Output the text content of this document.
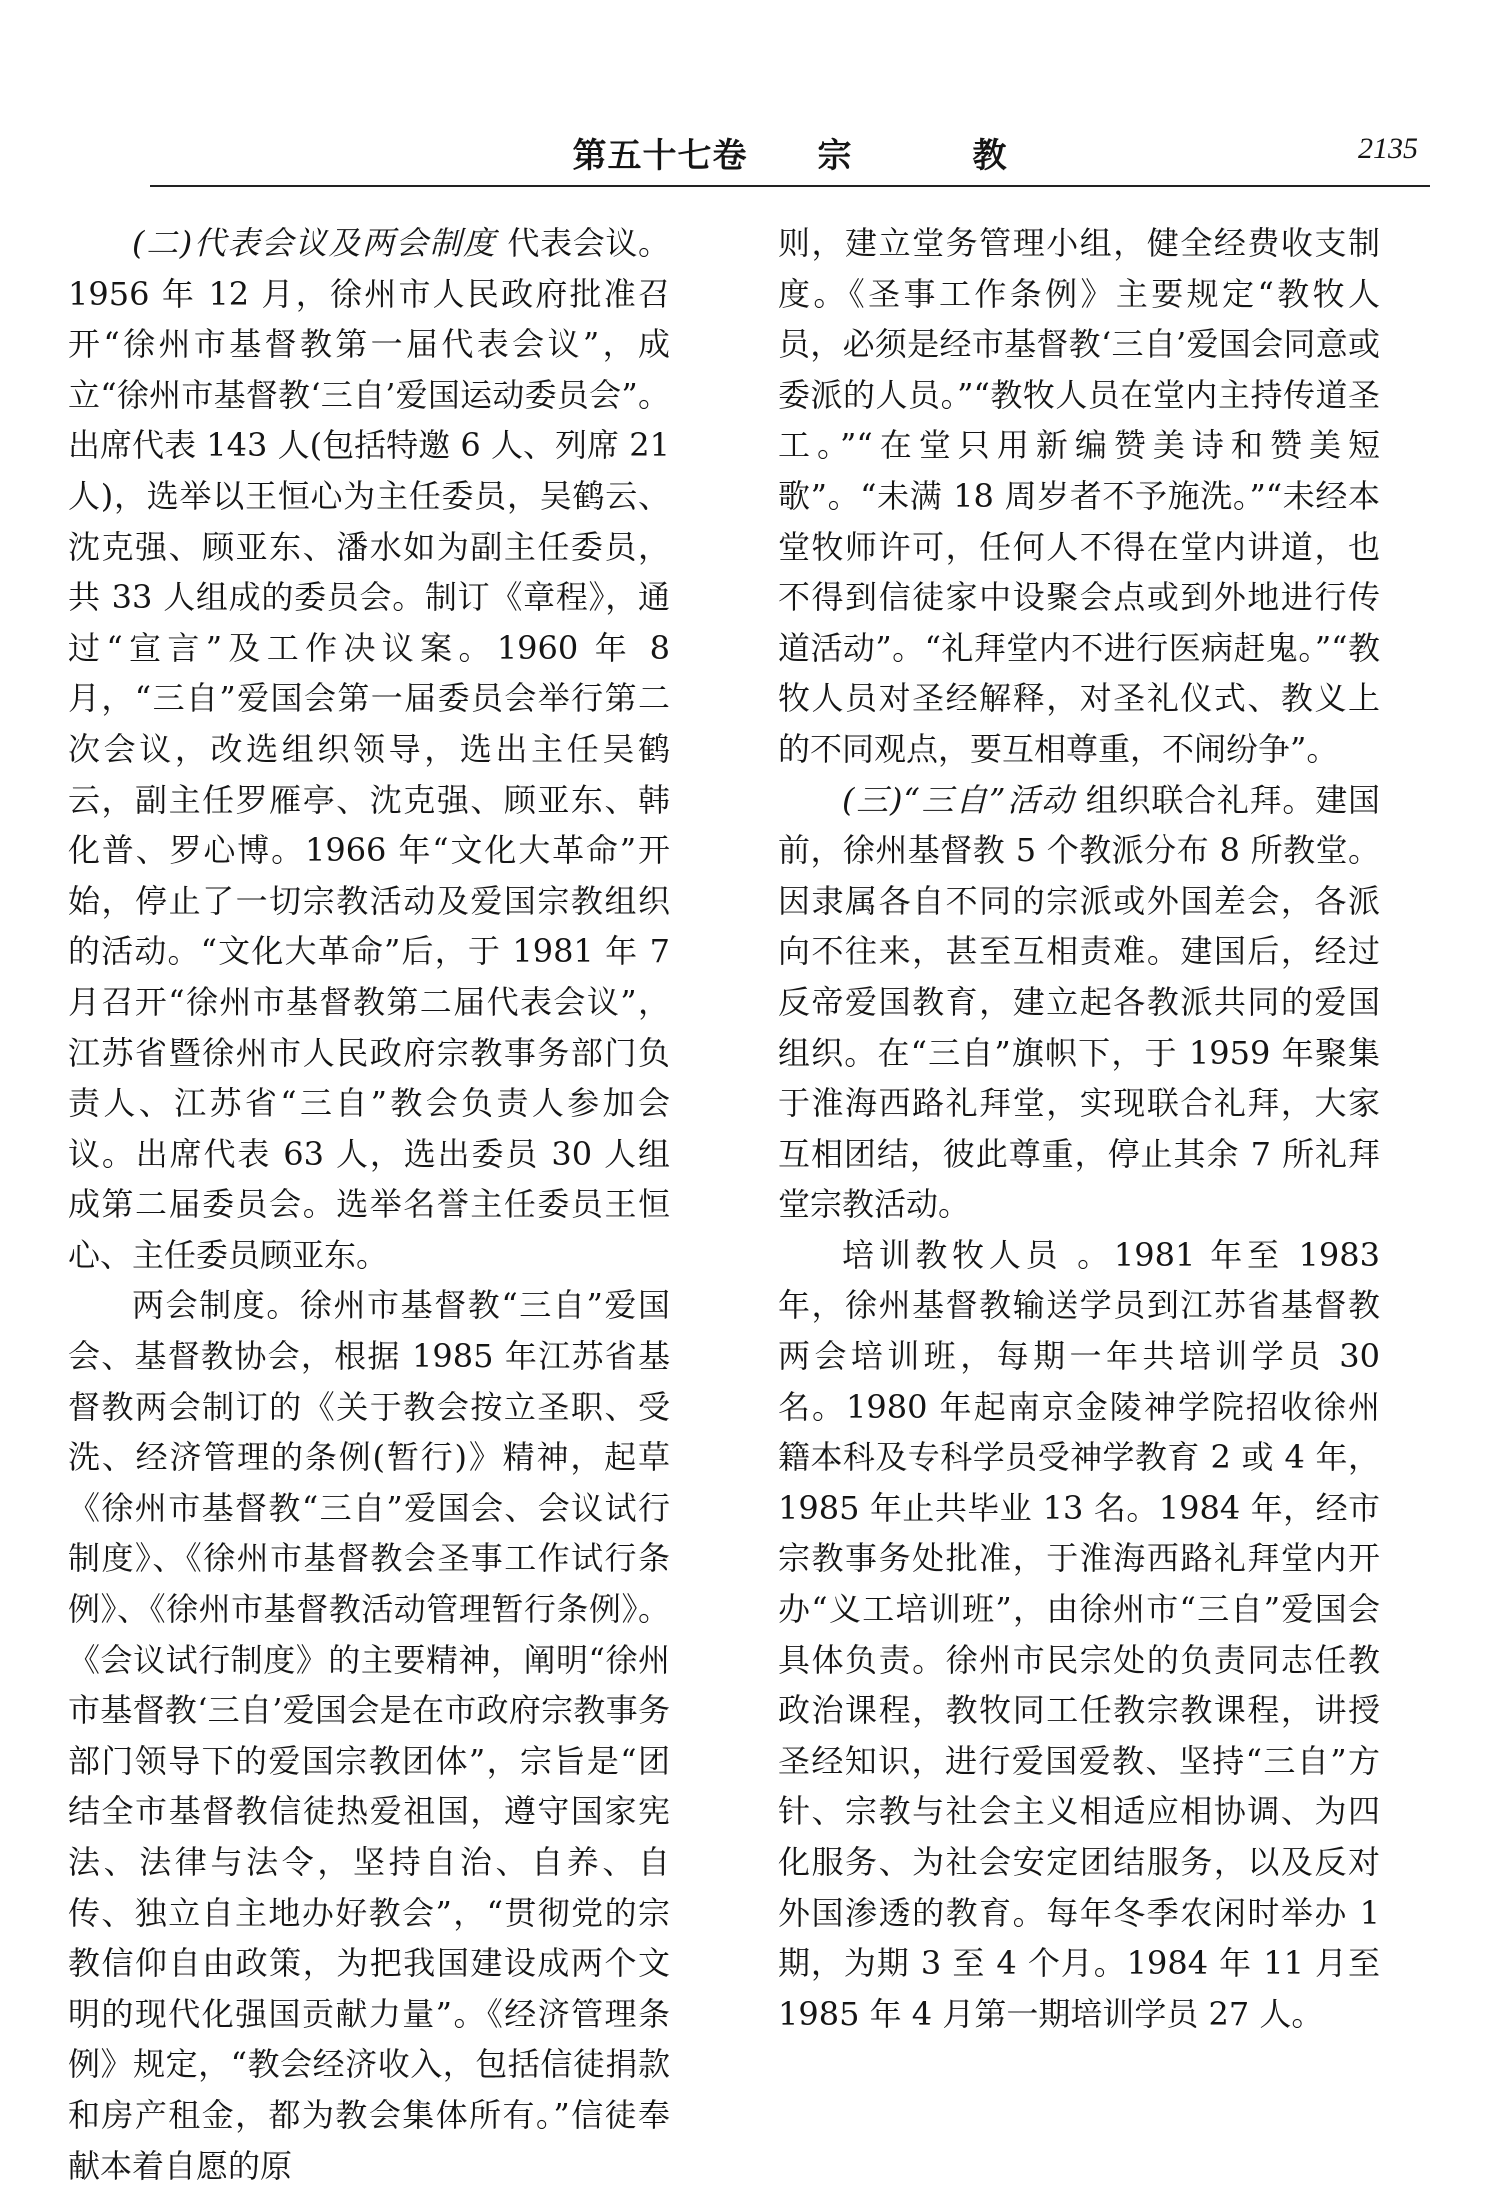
第五十七卷 宗	教	2135

(二)代表会议及两会制度 代表会议。1956 年 12 月，徐州市人民政府批准召开“徐州市基督教第一届代表会议”，成立“徐州市基督教‘三自’爱国运动委员会”。出席代表 143 人(包括特邀 6 人、列席 21 人)，选举以王恒心为主任委员，吴鹤云、沈克强、顾亚东、潘水如为副主任委员，共 33 人组成的委员会。制订《章程》，通过“宣言”及工作决议案。1960 年 8 月，“三自”爱国会第一届委员会举行第二次会议，改选组织领导，选出主任吴鹤云，副主任罗雁亭、沈克强、顾亚东、韩化普、罗心博。1966 年“文化大革命”开始，停止了一切宗教活动及爱国宗教组织的活动。“文化大革命”后，于 1981 年 7 月召开“徐州市基督教第二届代表会议”，江苏省暨徐州市人民政府宗教事务部门负责人、江苏省“三自”教会负责人参加会议。出席代表 63 人，选出委员 30 人组成第二届委员会。选举名誉主任委员王恒心、主任委员顾亚东。

两会制度。徐州市基督教“三自”爱国会、基督教协会，根据 1985 年江苏省基督教两会制订的《关于教会按立圣职、受洗、经济管理的条例(暂行)》精神，起草《徐州市基督教“三自”爱国会、会议试行制度》、《徐州市基督教会圣事工作试行条例》、《徐州市基督教活动管理暂行条例》。《会议试行制度》的主要精神，阐明“徐州市基督教‘三自’爱国会是在市政府宗教事务部门领导下的爱国宗教团体”，宗旨是“团结全市基督教信徒热爱祖国，遵守国家宪法、法律与法令，坚持自治、自养、自传、独立自主地办好教会”，“贯彻党的宗教信仰自由政策，为把我国建设成两个文明的现代化强国贡献力量”。《经济管理条例》规定，“教会经济收入，包括信徒捐款和房产租金，都为教会集体所有。”信徒奉献本着自愿的原

则，建立堂务管理小组，健全经费收支制度。《圣事工作条例》主要规定“教牧人员，必须是经市基督教‘三自’爱国会同意或委派的人员。”“教牧人员在堂内主持传道圣工。”“在堂只用新编赞美诗和赞美短歌”。“未满 18 周岁者不予施洗。”“未经本堂牧师许可，任何人不得在堂内讲道，也不得到信徒家中设聚会点或到外地进行传道活动”。“礼拜堂内不进行医病赶鬼。”“教牧人员对圣经解释，对圣礼仪式、教义上的不同观点，要互相尊重，不闹纷争”。

(三)“三自”活动 组织联合礼拜。建国前，徐州基督教 5 个教派分布 8 所教堂。因隶属各自不同的宗派或外国差会，各派向不往来，甚至互相责难。建国后，经过反帝爱国教育，建立起各教派共同的爱国组织。在“三自”旗帜下，于 1959 年聚集于淮海西路礼拜堂，实现联合礼拜，大家互相团结，彼此尊重，停止其余 7 所礼拜堂宗教活动。

培训教牧人员 。1981 年至 1983 年，徐州基督教输送学员到江苏省基督教两会培训班，每期一年共培训学员 30 名。1980 年起南京金陵神学院招收徐州籍本科及专科学员受神学教育 2 或 4 年，1985 年止共毕业 13 名。1984 年，经市宗教事务处批准，于淮海西路礼拜堂内开办“义工培训班”，由徐州市“三自”爱国会具体负责。徐州市民宗处的负责同志任教政治课程，教牧同工任教宗教课程，讲授圣经知识，进行爱国爱教、坚持“三自”方针、宗教与社会主义相适应相协调、为四化服务、为社会安定团结服务，以及反对外国渗透的教育。每年冬季农闲时举办 1 期，为期 3 至 4 个月。1984 年 11 月至 1985 年 4 月第一期培训学员 27 人。
